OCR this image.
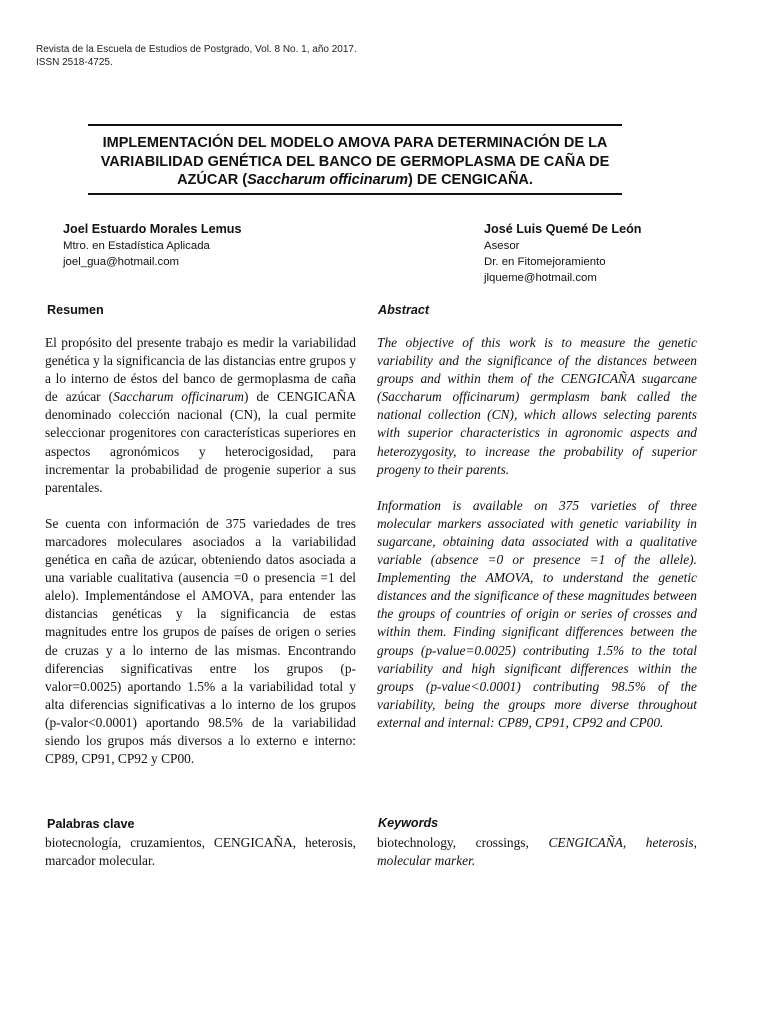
Revista de la Escuela de Estudios de Postgrado, Vol. 8 No. 1, año 2017.
ISSN 2518-4725.
IMPLEMENTACIÓN DEL MODELO AMOVA PARA DETERMINACIÓN DE LA VARIABILIDAD GENÉTICA DEL BANCO DE GERMOPLASMA DE CAÑA DE AZÚCAR (Saccharum officinarum) DE CENGICAÑA.
Joel Estuardo Morales Lemus
Mtro. en Estadística Aplicada
joel_gua@hotmail.com
José Luis Quemé De León
Asesor
Dr. en Fitomejoramiento
jlqueme@hotmail.com
Resumen	Abstract

El propósito del presente trabajo es medir la variabilidad genética y la significancia de las distancias entre grupos y a lo interno de éstos del banco de germoplasma de caña de azúcar (Saccharum officinarum) de CENGICAÑA denominado colección nacional (CN), la cual permite seleccionar progenitores con características superiores en aspectos agronómicos y heterocigosidad, para incrementar la probabilidad de progenie superior a sus parentales.

Se cuenta con información de 375 variedades de tres marcadores moleculares asociados a la variabilidad genética en caña de azúcar, obteniendo datos asociada a una variable cualitativa (ausencia =0 o presencia =1 del alelo). Implementándose el AMOVA, para entender las distancias genéticas y la significancia de estas magnitudes entre los grupos de países de origen o series de cruzas y a lo interno de las mismas. Encontrando diferencias significativas entre los grupos (p-valor=0.0025) aportando 1.5% a la variabilidad total y alta diferencias significativas a lo interno de los grupos (p-valor<0.0001) aportando 98.5% de la variabilidad siendo los grupos más diversos a lo externo e interno: CP89, CP91, CP92 y CP00.

The objective of this work is to measure the genetic variability and the significance of the distances between groups and within them of the CENGICAÑA sugarcane (Saccharum officinarum) germplasm bank called the national collection (CN), which allows selecting parents with superior characteristics in agronomic aspects and heterozygosity, to increase the probability of superior progeny to their parents.

Information is available on 375 varieties of three molecular markers associated with genetic variability in sugarcane, obtaining data associated with a qualitative variable (absence =0 or presence =1 of the allele). Implementing the AMOVA, to understand the genetic distances and the significance of these magnitudes between the groups of countries of origin or series of crosses and within them. Finding significant differences between the groups (p-value=0.0025) contributing 1.5% to the total variability and high significant differences within the groups (p-value<0.0001) contributing 98.5% of the variability, being the groups more diverse throughout external and internal: CP89, CP91, CP92 and CP00.

Palabras clave
biotecnología, cruzamientos, CENGICAÑA, heterosis, marcador molecular.
Keywords
biotechnology, crossings, CENGICAÑA, heterosis, molecular marker.
